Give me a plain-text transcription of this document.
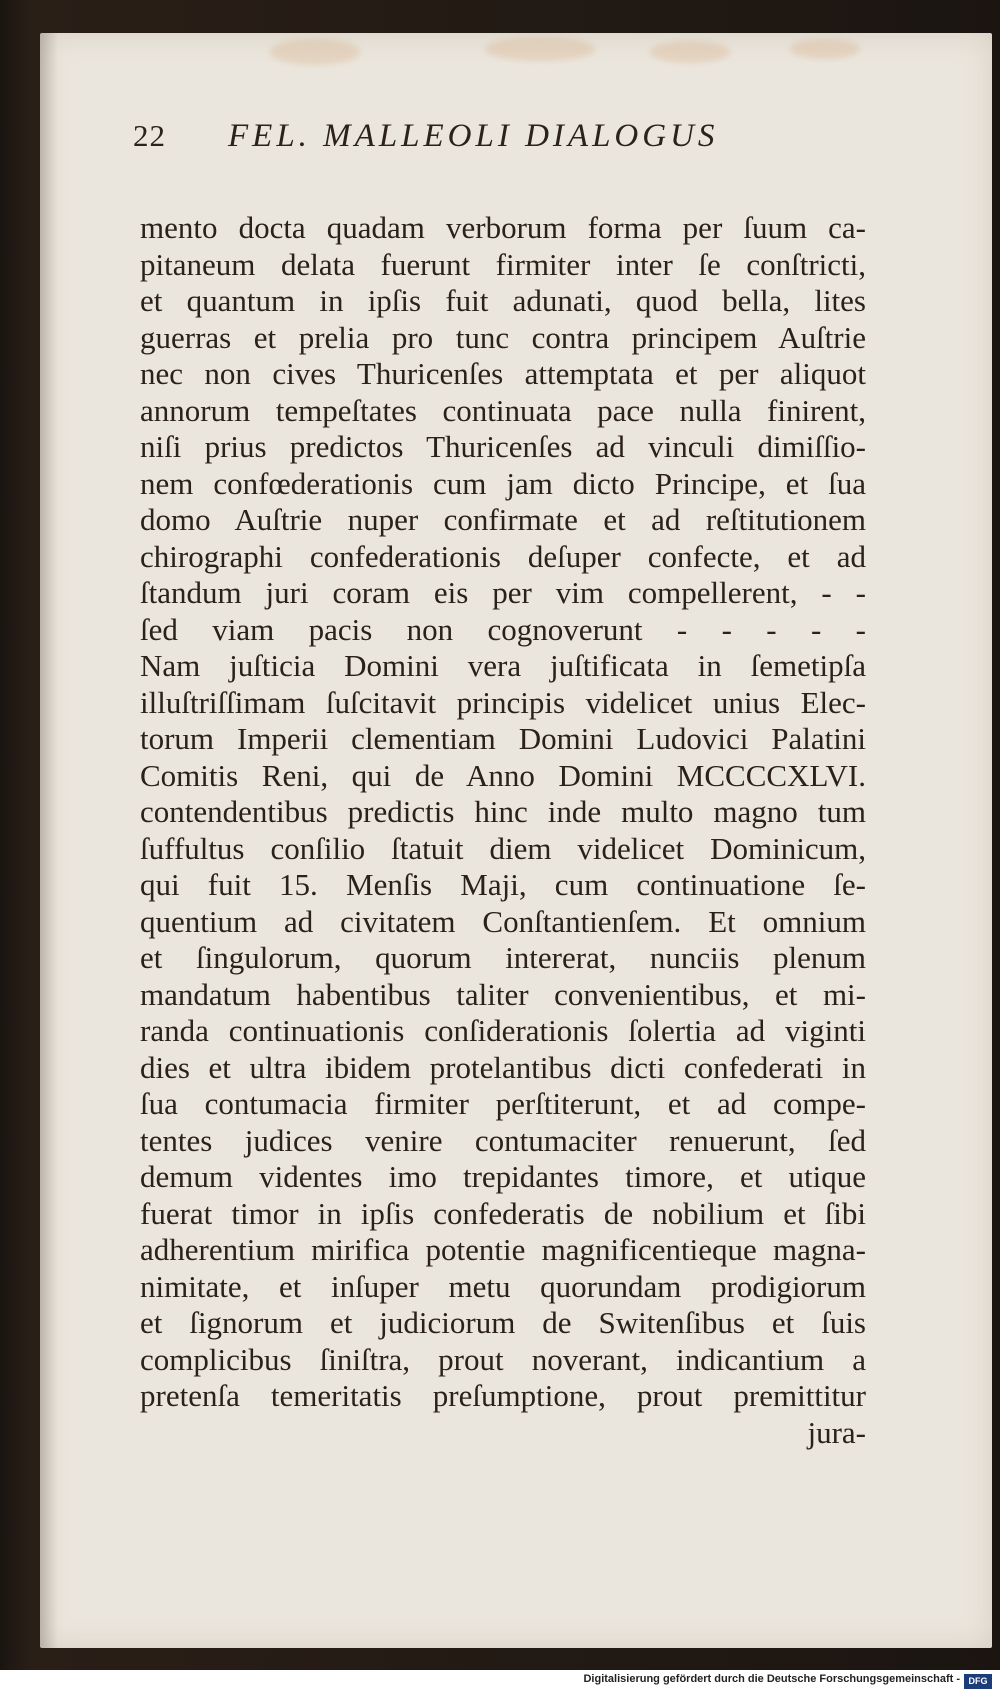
22	FEL. MALLEOLI DIALOGUS
mento docta quadam verborum forma per ſuum ca-
pitaneum delata fuerunt firmiter inter ſe conſtricti,
et quantum in ipſis fuit adunati, quod bella, lites
guerras et prelia pro tunc contra principem Auſtrie
nec non cives Thuricenſes attemptata et per aliquot
annorum tempeſtates continuata pace nulla finirent,
niſi prius predictos Thuricenſes ad vinculi dimiſſio-
nem confœderationis cum jam dicto Principe, et ſua
domo Auſtrie nuper confirmate et ad reſtitutionem
chirographi confederationis deſuper confecte, et ad
ſtandum juri coram eis per vim compellerent, - -
ſed viam pacis non cognoverunt - - - - -
Nam juſticia Domini vera juſtificata in ſemetipſa
illuſtriſſimam ſuſcitavit principis videlicet unius Elec-
torum Imperii clementiam Domini Ludovici Palatini
Comitis Reni, qui de Anno Domini MCCCCXLVI.
contendentibus predictis hinc inde multo magno tum
ſuffultus conſilio ſtatuit diem videlicet Dominicum,
qui fuit 15. Menſis Maji, cum continuatione ſe-
quentium ad civitatem Conſtantienſem. Et omnium
et ſingulorum, quorum intererat, nunciis plenum
mandatum habentibus taliter convenientibus, et mi-
randa continuationis conſiderationis ſolertia ad viginti
dies et ultra ibidem protelantibus dicti confederati in
ſua contumacia firmiter perſtiterunt, et ad compe-
tentes judices venire contumaciter renuerunt, ſed
demum videntes imo trepidantes timore, et utique
fuerat timor in ipſis confederatis de nobilium et ſibi
adherentium mirifica potentie magnificentieque magna-
nimitate, et inſuper metu quorundam prodigiorum
et ſignorum et judiciorum de Switenſibus et ſuis
complicibus ſiniſtra, prout noverant, indicantium a
pretenſa temeritatis preſumptione, prout premittitur
jura-
Digitalisierung gefördert durch die Deutsche Forschungsgemeinschaft - DFG
